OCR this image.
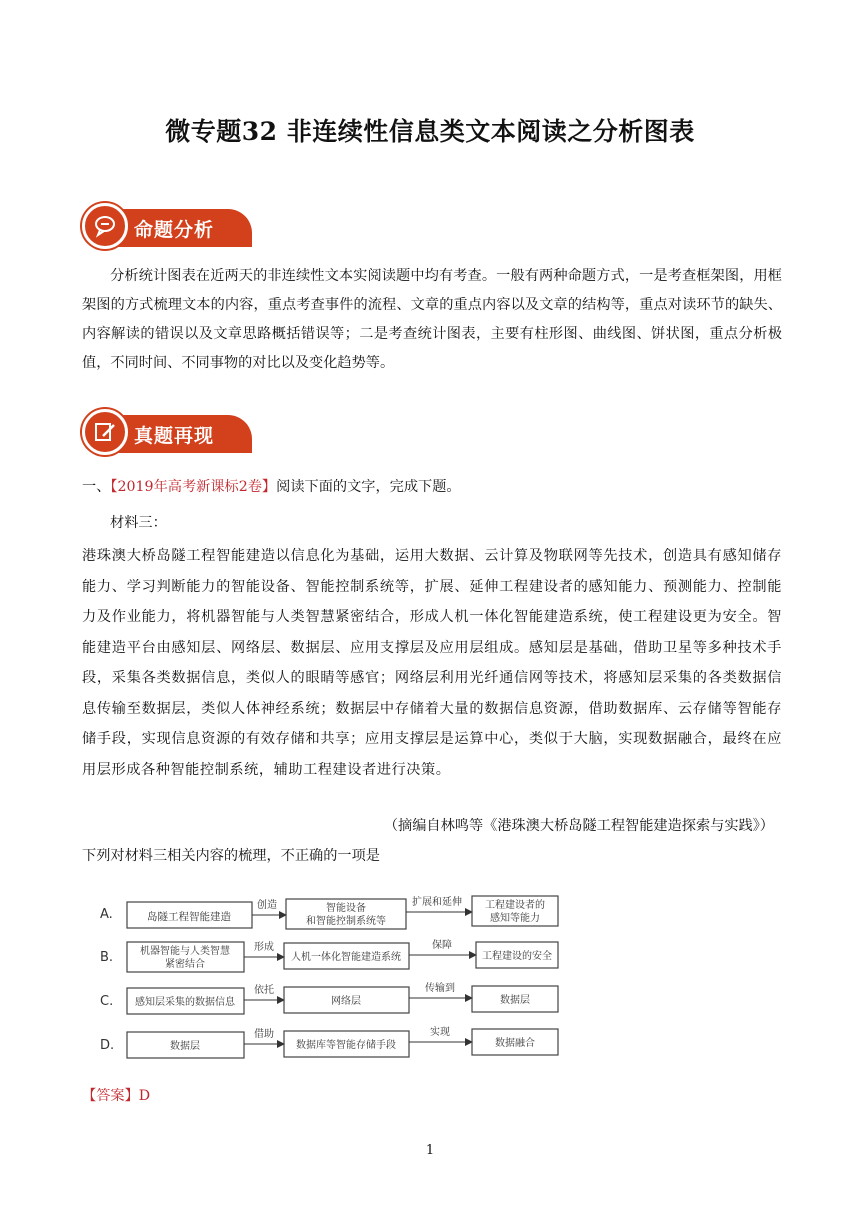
微专题32 非连续性信息类文本阅读之分析图表
命题分析
分析统计图表在近两天的非连续性文本实阅读题中均有考查。一般有两种命题方式，一是考查框架图，用框架图的方式梳理文本的内容，重点考查事件的流程、文章的重点内容以及文章的结构等，重点对读环节的缺失、内容解读的错误以及文章思路概括错误等；二是考查统计图表，主要有柱形图、曲线图、饼状图，重点分析极值，不同时间、不同事物的对比以及变化趋势等。
真题再现
一、【2019年高考新课标2卷】阅读下面的文字，完成下题。
材料三：
港珠澳大桥岛隧工程智能建造以信息化为基础，运用大数据、云计算及物联网等先技术，创造具有感知储存能力、学习判断能力的智能设备、智能控制系统等，扩展、延伸工程建设者的感知能力、预测能力、控制能力及作业能力，将机器智能与人类智慧紧密结合，形成人机一体化智能建造系统，使工程建设更为安全。智能建造平台由感知层、网络层、数据层、应用支撑层及应用层组成。感知层是基础，借助卫星等多种技术手段，采集各类数据信息，类似人的眼睛等感官；网络层利用光纤通信网等技术，将感知层采集的各类数据信息传输至数据层，类似人体神经系统；数据层中存储着大量的数据信息资源，借助数据库、云存储等智能存储手段，实现信息资源的有效存储和共享；应用支撑层是运算中心，类似于大脑，实现数据融合，最终在应用层形成各种智能控制系统，辅助工程建设者进行决策。
（摘编自林鸣等《港珠澳大桥岛隧工程智能建造探索与实践》）
下列对材料三相关内容的梳理，不正确的一项是
A.	岛隧工程智能建造
创造	智能设备
和智能控制系统等
扩展和延伸 工程建设者的
感知等能力
B.	机器智能与人类智慧
紧密结合
形成
人机一体化智能建造系统
保障
工程建设的安全
C. 感知层采集的数据信息
依托
网络层
传输到
数据层
D.	数据层
借助
数据库等智能存储手段
实现
数据融合
【答案】D
1
